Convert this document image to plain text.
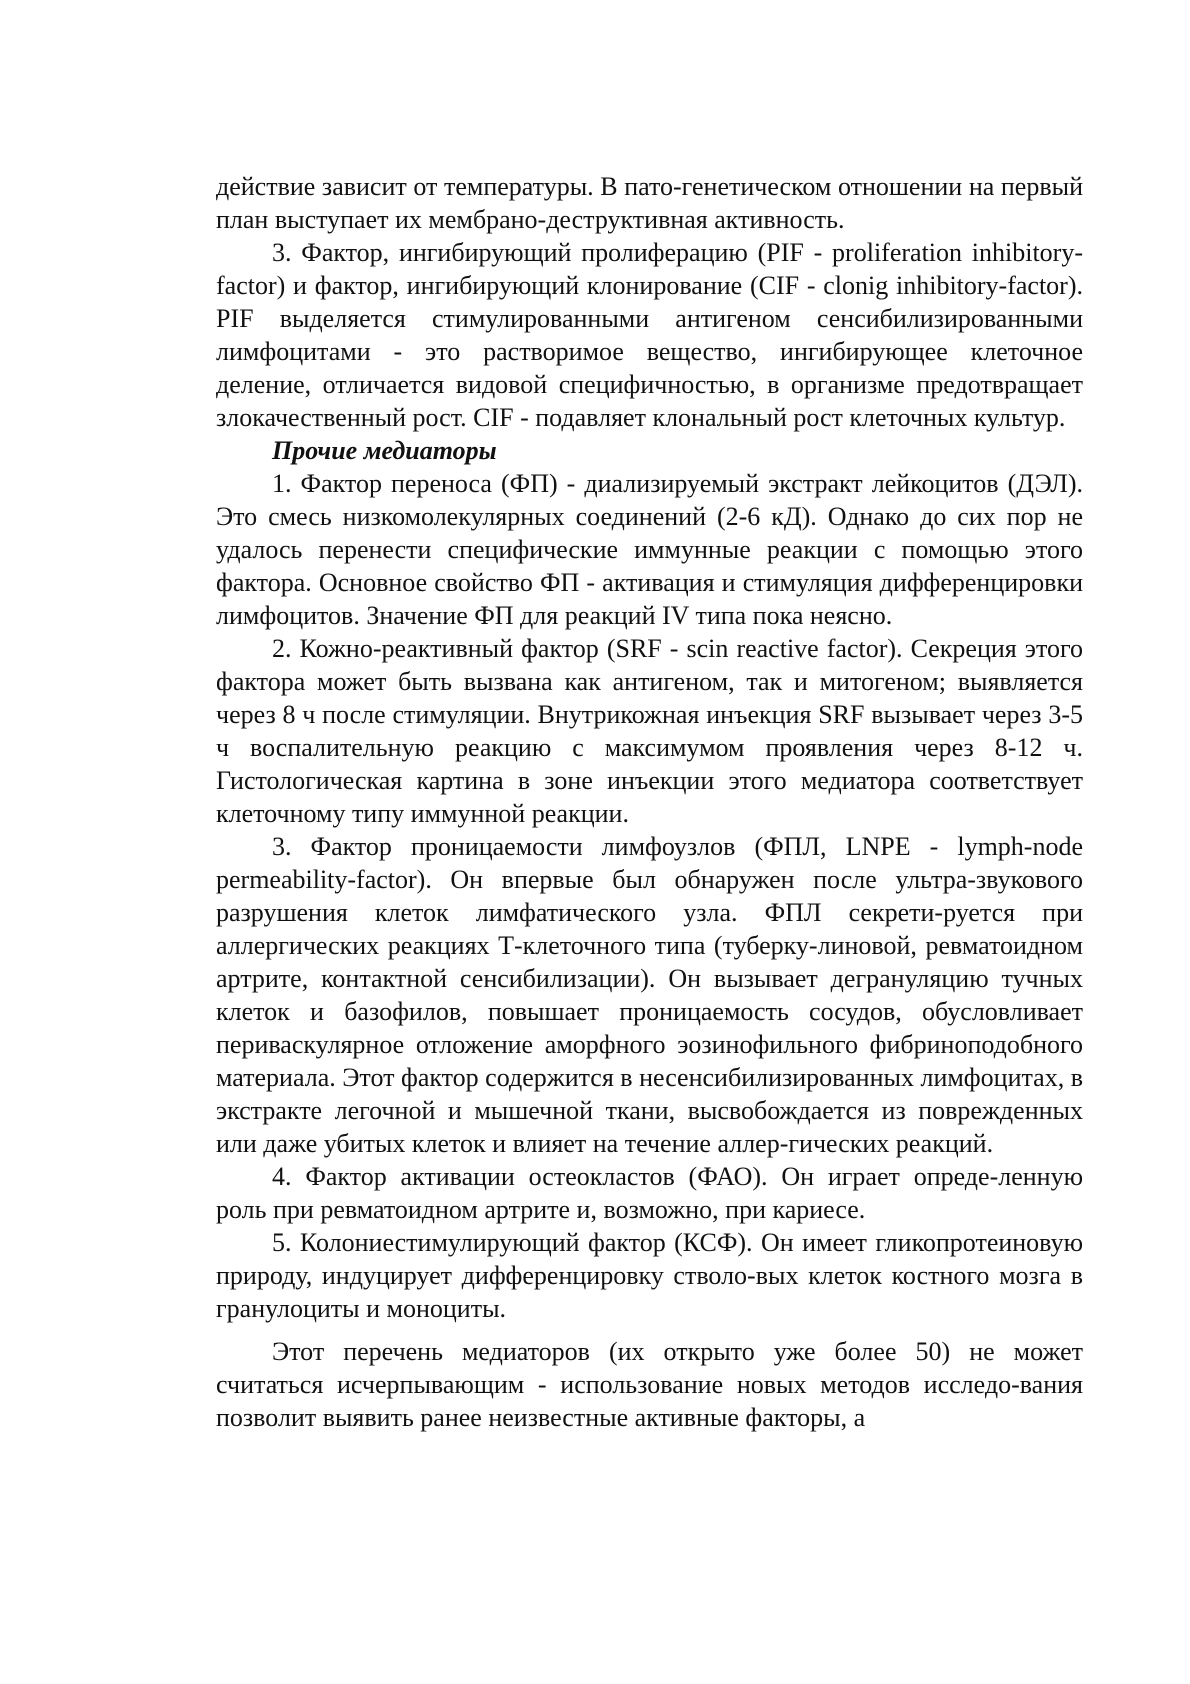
действие зависит от температуры. В пато-генетическом отношении на первый план выступает их мембрано-деструктивная активность.

3. Фактор, ингибирующий пролиферацию (PIF - proliferation inhibitory-factor) и фактор, ингибирующий клонирование (CIF - clonig inhibitory-factor). PIF выделяется стимулированными антигеном сенсибилизированными лимфоцитами - это растворимое вещество, ингибирующее клеточное деление, отличается видовой специфичностью, в организме предотвращает злокачественный рост. CIF - подавляет клональный рост клеточных культур.

Прочие медиаторы

1. Фактор переноса (ФП) - диализируемый экстракт лейкоцитов (ДЭЛ). Это смесь низкомолекулярных соединений (2-6 кД). Однако до сих пор не удалось перенести специфические иммунные реакции с помощью этого фактора. Основное свойство ФП - активация и стимуляция дифференцировки лимфоцитов. Значение ФП для реакций IV типа пока неясно.

2. Кожно-реактивный фактор (SRF - scin reactive factor). Секреция этого фактора может быть вызвана как антигеном, так и митогеном; выявляется через 8 ч после стимуляции. Внутрикожная инъекция SRF вызывает через 3-5 ч воспалительную реакцию с максимумом проявления через 8-12 ч. Гистологическая картина в зоне инъекции этого медиатора соответствует клеточному типу иммунной реакции.

3. Фактор проницаемости лимфоузлов (ФПЛ, LNPE - lymph-node permeability-factor). Он впервые был обнаружен после ультра-звукового разрушения клеток лимфатического узла. ФПЛ секрети-руется при аллергических реакциях Т-клеточного типа (туберку-линовой, ревматоидном артрите, контактной сенсибилизации). Он вызывает дегрануляцию тучных клеток и базофилов, повышает проницаемость сосудов, обусловливает периваскулярное отложение аморфного эозинофильного фибриноподобного материала. Этот фактор содержится в несенсибилизированных лимфоцитах, в экстракте легочной и мышечной ткани, высвобождается из поврежденных или даже убитых клеток и влияет на течение аллер-гических реакций.

4. Фактор активации остеокластов (ФАО). Он играет опреде-ленную роль при ревматоидном артрите и, возможно, при кариесе.

5. Колониестимулирующий фактор (КСФ). Он имеет гликопротеиновую природу, индуцирует дифференцировку стволо-вых клеток костного мозга в гранулоциты и моноциты.

Этот перечень медиаторов (их открыто уже более 50) не может считаться исчерпывающим - использование новых методов исследо-вания позволит выявить ранее неизвестные активные факторы, а
